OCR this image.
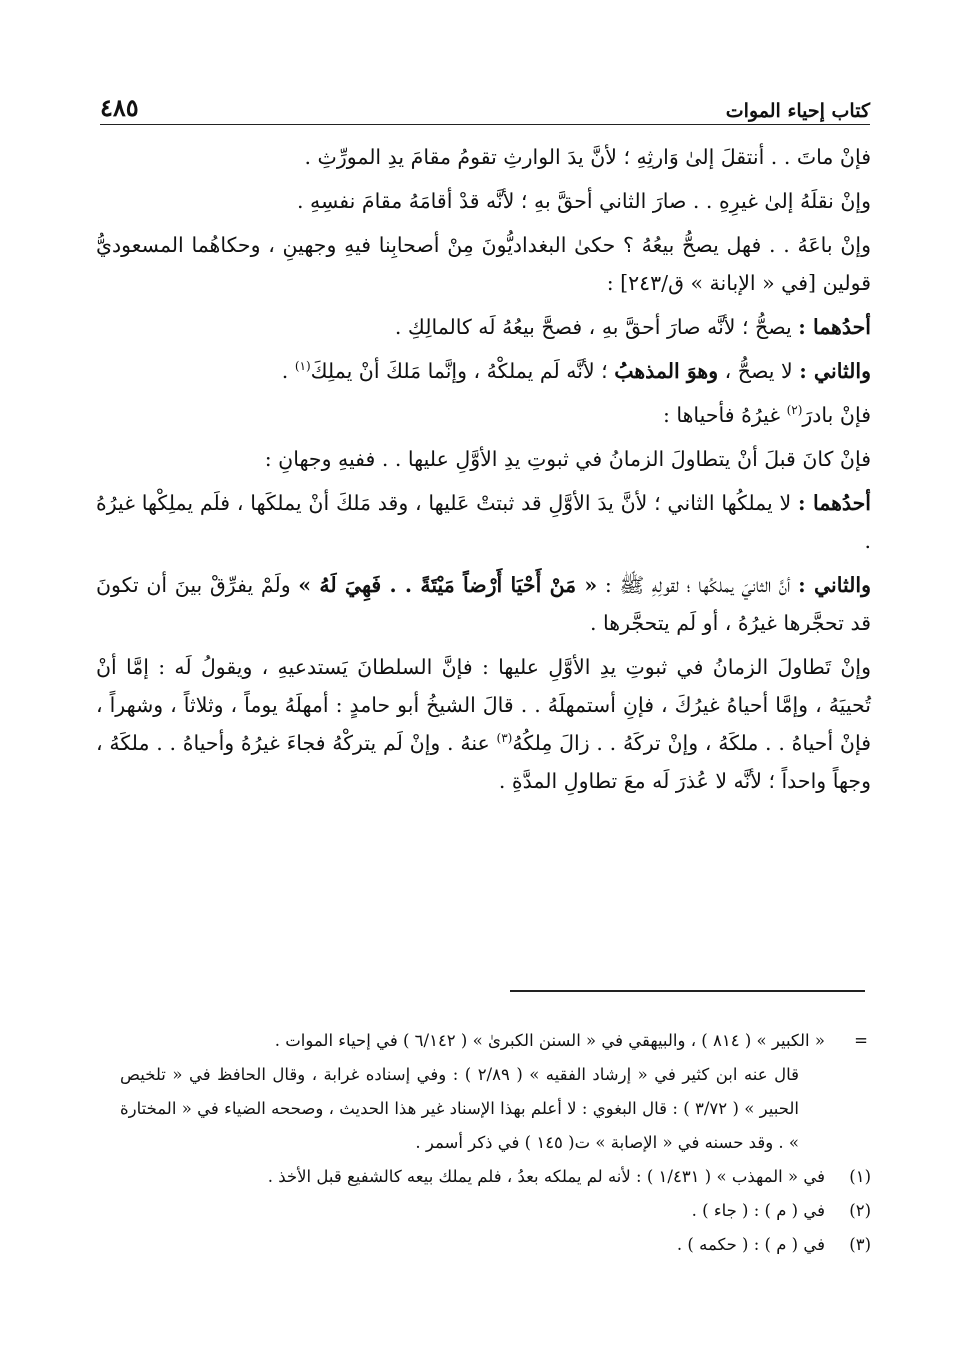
كتاب إحياء الموات
٤٨٥

فإنْ ماتَ . . أنتقلَ إلىٰ وَارثِهِ ؛ لأنَّ يدَ الوارثِ تقومُ مقامَ يدِ المورِّثِ .

وإنْ نقلَهُ إلىٰ غيرِهِ . . صارَ الثاني أحقَّ بهِ ؛ لأنَّه قدْ أقامَهُ مقامَ نفسِهِ .

وإنْ باعَهُ . . فهل يصحُّ بيعُهُ ؟ حكىٰ البغداديُّونَ مِنْ أصحابِنا فيهِ وجهينِ ، وحكاهُما المسعوديُّ قولين [في « الإبانة » ق/٢٤٣] :

أحدُهما : يصحُّ ؛ لأنَّه صارَ أحقَّ بهِ ، فصحَّ بيعُهُ لَه كالمالِكِ .

والثاني : لا يصحُّ ، وهوَ المذهبُ ؛ لأنَّه لَم يملكْهُ ، وإنَّما مَلكَ أنْ يملِكَ$^{(١)}$ .

فإنْ بادرَ$^{(٢)}$ غيرُهُ فأحياها :

فإنْ كانَ قبلَ أنْ يتطاولَ الزمانُ في ثبوتِ يدِ الأوَّلِ عليها . . ففيهِ وجهانِ :

أحدُهما : لا يملكُها الثاني ؛ لأنَّ يدَ الأوَّلِ قد ثبتتْ عَليها ، وقد مَلكَ أنْ يملكَها ، فلَم يملِكْها غيرُهُ .

والثاني : أنَّ الثانيَ يملكُها ؛ لقولِهِ ﷺ : « مَنْ أَحْيَا أَرْضاً مَيْتَةً . . فَهِيَ لَهُ » ولَمْ يفرِّقْ بينَ أن تكونَ قد تحجَّرها غيرُهُ ، أو لَم يتحجَّرها .

وإنْ تَطاولَ الزمانُ في ثبوتِ يدِ الأوَّلِ عليها : فإنَّ السلطانَ يَستدعيهِ ، ويقولُ لَه : إمَّا أنْ تُحييَهُ ، وإمَّا أحياهُ غيرُكَ ، فإنِ أستمهلَهُ . . قالَ الشيخُ أبو حامدٍ : أمهلَهُ يوماً ، وثلاثاً ، وشهراً ، فإنْ أحياهُ . . ملكَهُ ، وإنْ تركَهُ . . زالَ مِلكُهُ$^{(٣)}$ عنهُ . وإنْ لَم يتركْهُ فجاءَ غيرُهُ وأحياهُ . . ملكَهُ ، وجهاً واحداً ؛ لأنَّه لا عُذرَ لَه معَ تطاولِ المدَّةِ .

=
« الكبير » ( ٨١٤ ) ، والبيهقي في « السنن الكبرىٰ » ( ٦/١٤٢ ) في إحياء الموات .
قال عنه ابن كثير في « إرشاد الفقيه » ( ٢/٨٩ ) : وفي إسناده غرابة ، وقال الحافظ في « تلخيص الحبير » ( ٣/٧٢ ) : قال البغوي : لا أعلم بهذا الإسناد غير هذا الحديث ، وصححه الضياء في « المختارة » . وقد حسنه في « الإصابة » ت( ١٤٥ ) في ذكر أسمر .
(١)
في « المهذب » ( ١/٤٣١ ) : لأنه لم يملكه بعدُ ، فلم يملك بيعه كالشفيع قبل الأخذ .
(٢)
في ( م ) : ( جاء ) .
(٣)
في ( م ) : ( حكمه ) .
